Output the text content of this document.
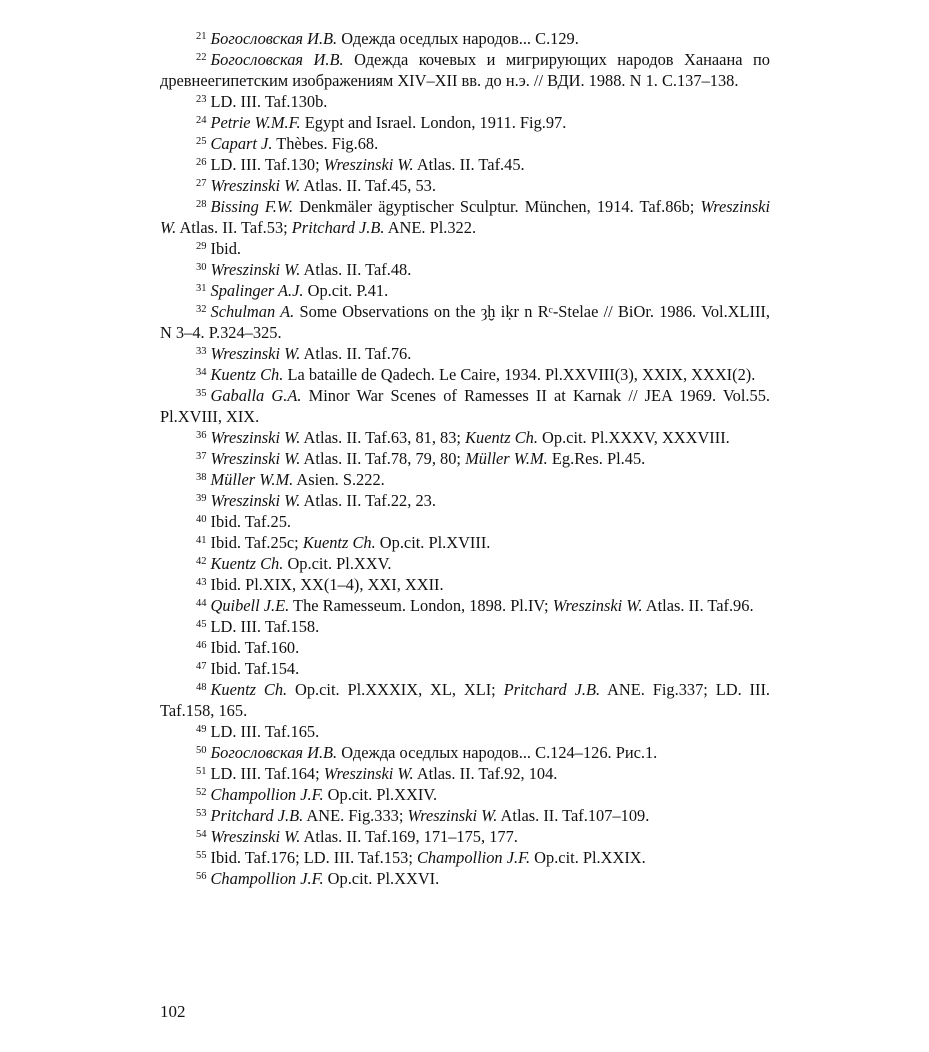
$^{21}$ Богословская И.В. Одежда оседлых народов... С.129.

$^{22}$ Богословская И.В. Одежда кочевых и мигрирующих народов Ханаана по древнеегипетским изображениям XIV–XII вв. до н.э. // ВДИ. 1988. N 1. С.137–138.

$^{23}$ LD. III. Taf.130b.

$^{24}$ Petrie W.M.F. Egypt and Israel. London, 1911. Fig.97.

$^{25}$ Capart J. Thèbes. Fig.68.

$^{26}$ LD. III. Taf.130; Wreszinski W. Atlas. II. Taf.45.

$^{27}$ Wreszinski W. Atlas. II. Taf.45, 53.

$^{28}$ Bissing F.W. Denkmäler ägyptischer Sculptur. München, 1914. Taf.86b; Wreszinski W. Atlas. II. Taf.53; Pritchard J.B. ANE. Pl.322.

$^{29}$ Ibid.

$^{30}$ Wreszinski W. Atlas. II. Taf.48.

$^{31}$ Spalinger A.J. Op.cit. P.41.

$^{32}$ Schulman A. Some Observations on the ȝḫ iḳr n Rᶜ-Stelae // BiOr. 1986. Vol.XLIII, N 3–4. P.324–325.

$^{33}$ Wreszinski W. Atlas. II. Taf.76.

$^{34}$ Kuentz Ch. La bataille de Qadech. Le Caire, 1934. Pl.XXVIII(3), XXIX, XXXI(2).

$^{35}$ Gaballa G.A. Minor War Scenes of Ramesses II at Karnak // JEA 1969. Vol.55. Pl.XVIII, XIX.

$^{36}$ Wreszinski W. Atlas. II. Taf.63, 81, 83; Kuentz Ch. Op.cit. Pl.XXXV, XXXVIII.

$^{37}$ Wreszinski W. Atlas. II. Taf.78, 79, 80; Müller W.M. Eg.Res. Pl.45.

$^{38}$ Müller W.M. Asien. S.222.

$^{39}$ Wreszinski W. Atlas. II. Taf.22, 23.

$^{40}$ Ibid. Taf.25.

$^{41}$ Ibid. Taf.25c; Kuentz Ch. Op.cit. Pl.XVIII.

$^{42}$ Kuentz Ch. Op.cit. Pl.XXV.

$^{43}$ Ibid. Pl.XIX, XX(1–4), XXI, XXII.

$^{44}$ Quibell J.E. The Ramesseum. London, 1898. Pl.IV; Wreszinski W. Atlas. II. Taf.96.

$^{45}$ LD. III. Taf.158.

$^{46}$ Ibid. Taf.160.

$^{47}$ Ibid. Taf.154.

$^{48}$ Kuentz Ch. Op.cit. Pl.XXXIX, XL, XLI; Pritchard J.B. ANE. Fig.337; LD. III. Taf.158, 165.

$^{49}$ LD. III. Taf.165.

$^{50}$ Богословская И.В. Одежда оседлых народов... С.124–126. Рис.1.

$^{51}$ LD. III. Taf.164; Wreszinski W. Atlas. II. Taf.92, 104.

$^{52}$ Champollion J.F. Op.cit. Pl.XXIV.

$^{53}$ Pritchard J.B. ANE. Fig.333; Wreszinski W. Atlas. II. Taf.107–109.

$^{54}$ Wreszinski W. Atlas. II. Taf.169, 171–175, 177.

$^{55}$ Ibid. Taf.176; LD. III. Taf.153; Champollion J.F. Op.cit. Pl.XXIX.

$^{56}$ Champollion J.F. Op.cit. Pl.XXVI.

102
